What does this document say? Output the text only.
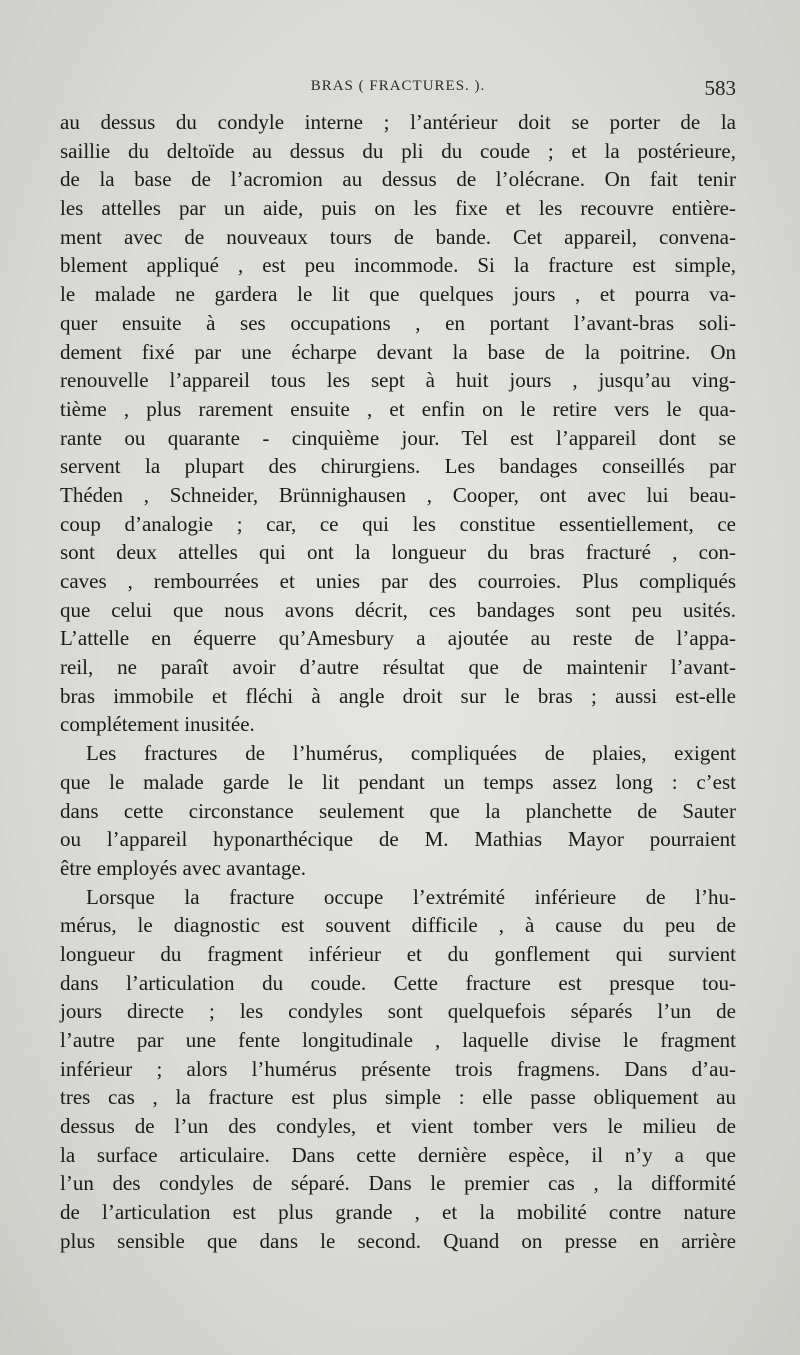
BRAS ( FRACTURES. ).	583
au dessus du condyle interne ; l’antérieur doit se porter de la
saillie du deltoïde au dessus du pli du coude ; et la postérieure,
de la base de l’acromion au dessus de l’olécrane. On fait tenir
les attelles par un aide, puis on les fixe et les recouvre entière-
ment avec de nouveaux tours de bande. Cet appareil, convena-
blement appliqué , est peu incommode. Si la fracture est simple,
le malade ne gardera le lit que quelques jours , et pourra va-
quer ensuite à ses occupations , en portant l’avant-bras soli-
dement fixé par une écharpe devant la base de la poitrine. On
renouvelle l’appareil tous les sept à huit jours , jusqu’au ving-
tième , plus rarement ensuite , et enfin on le retire vers le qua-
rante ou quarante - cinquième jour. Tel est l’appareil dont se
servent la plupart des chirurgiens. Les bandages conseillés par
Théden , Schneider, Brünnighausen , Cooper, ont avec lui beau-
coup d’analogie ; car, ce qui les constitue essentiellement, ce
sont deux attelles qui ont la longueur du bras fracturé , con-
caves , rembourrées et unies par des courroies. Plus compliqués
que celui que nous avons décrit, ces bandages sont peu usités.
L’attelle en équerre qu’Amesbury a ajoutée au reste de l’appa-
reil, ne paraît avoir d’autre résultat que de maintenir l’avant-
bras immobile et fléchi à angle droit sur le bras ; aussi est-elle
complétement inusitée.
Les fractures de l’humérus, compliquées de plaies, exigent
que le malade garde le lit pendant un temps assez long : c’est
dans cette circonstance seulement que la planchette de Sauter
ou l’appareil hyponarthécique de M. Mathias Mayor pourraient
être employés avec avantage.
Lorsque la fracture occupe l’extrémité inférieure de l’hu-
mérus, le diagnostic est souvent difficile , à cause du peu de
longueur du fragment inférieur et du gonflement qui survient
dans l’articulation du coude. Cette fracture est presque tou-
jours directe ; les condyles sont quelquefois séparés l’un de
l’autre par une fente longitudinale , laquelle divise le fragment
inférieur ; alors l’humérus présente trois fragmens. Dans d’au-
tres cas , la fracture est plus simple : elle passe obliquement au
dessus de l’un des condyles, et vient tomber vers le milieu de
la surface articulaire. Dans cette dernière espèce, il n’y a que
l’un des condyles de séparé. Dans le premier cas , la difformité
de l’articulation est plus grande , et la mobilité contre nature
plus sensible que dans le second. Quand on presse en arrière
